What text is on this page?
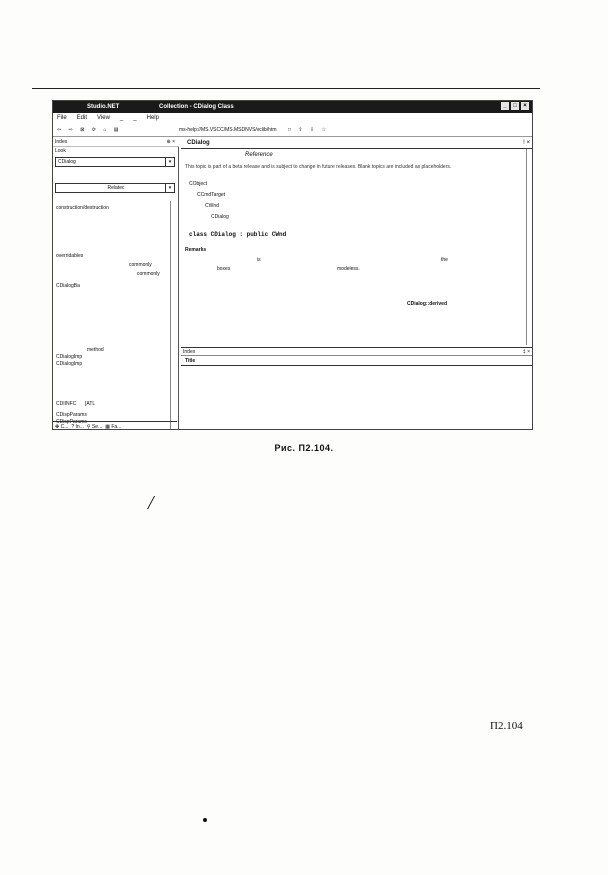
Studio.NET	Collection - CDialog Class	_	□	×
File Edit View _ _ Help
⇦ ⇨ ⊠ ⟳ ⌂ ▤	ms-help://MS.VSCC/MS.MSDNVS/vclib/htm □ ⇧ ⇩ ☆
Index	⊕ ×
Look
CDialog	▾
Relatec	▾
construction/destruction
overridables
commonly
commonly
CDialogBa
method
CDialogImp
CDialogImp
CDIINFC [ATL
CDispParams
CDispParams
✤ C... ? In... ⚲ Se... ▦ Fa...
CDialog	! ×
Reference
This topic is part of a beta release and is subject to change in future releases. Blank topics are included as placeholders.
CObject
CCmdTarget
CWnd
CDialog
class CDialog : public CWnd
Remarks
is	the
boxes	modeless.
CDialog::derived
Index	‡ ×
Title
Рис. П2.104.
/
П2.104
